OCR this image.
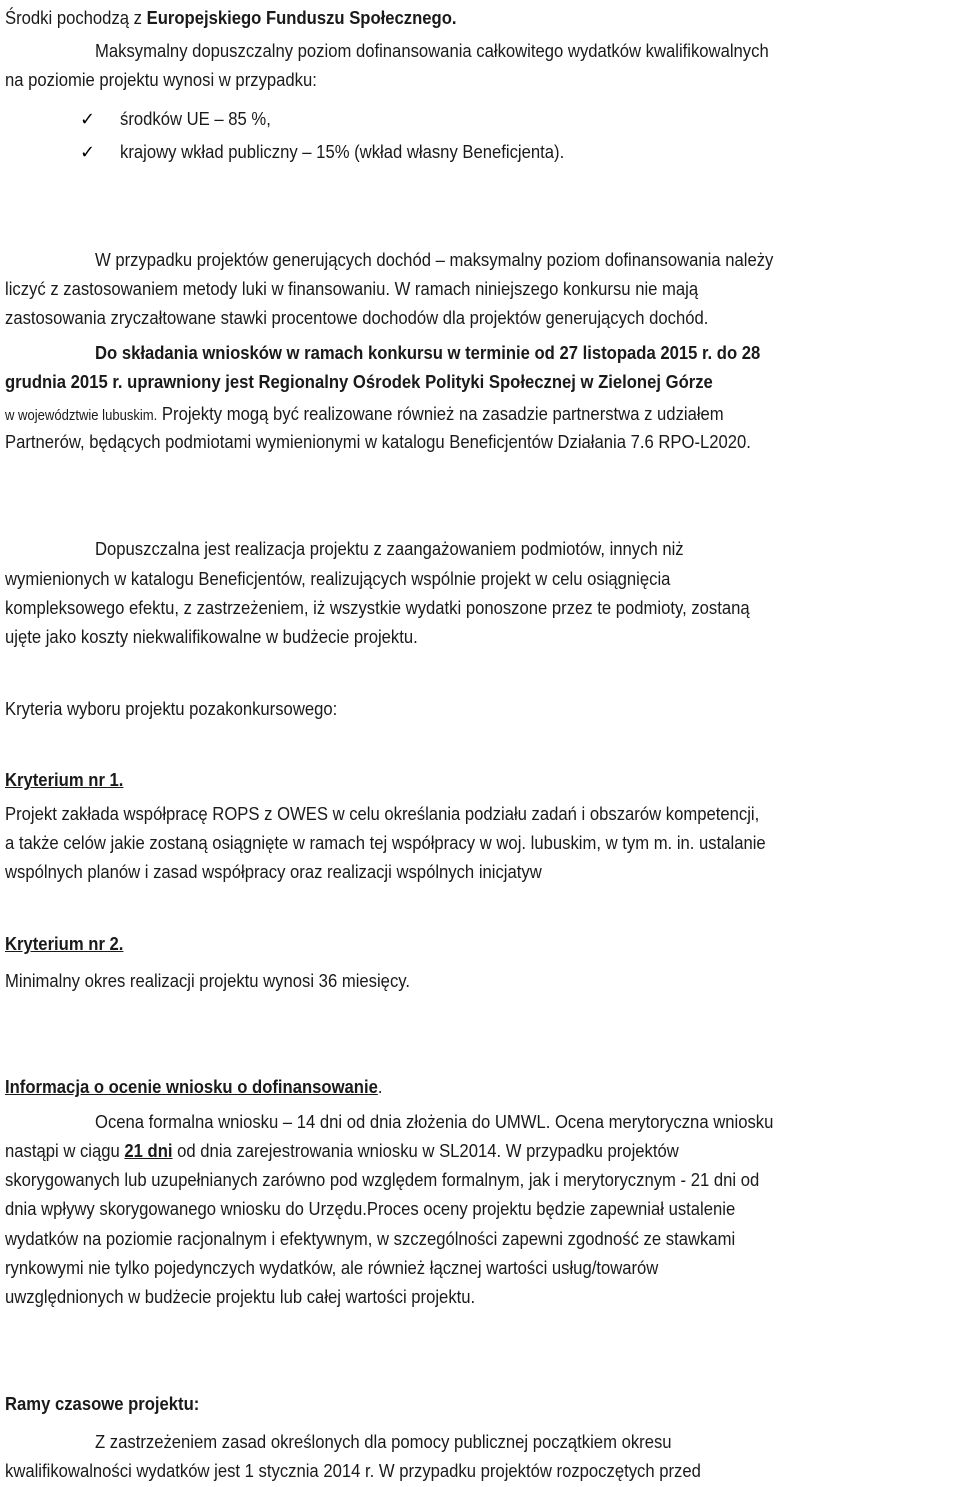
Środki pochodzą z Europejskiego Funduszu Społecznego.
Maksymalny dopuszczalny poziom dofinansowania całkowitego wydatków kwalifikowalnych
na poziomie projektu wynosi w przypadku:
✓ środków UE – 85 %,
✓ krajowy wkład publiczny – 15% (wkład własny Beneficjenta).
W przypadku projektów generujących dochód – maksymalny poziom dofinansowania należy
liczyć z zastosowaniem metody luki w finansowaniu. W ramach niniejszego konkursu nie mają
zastosowania zryczałtowane stawki procentowe dochodów dla projektów generujących dochód.
Do składania wniosków w ramach konkursu w terminie od 27 listopada 2015 r. do 28
grudnia 2015 r. uprawniony jest Regionalny Ośrodek Polityki Społecznej w Zielonej Górze
w województwie lubuskim. Projekty mogą być realizowane również na zasadzie partnerstwa z udziałem
Partnerów, będących podmiotami wymienionymi w katalogu Beneficjentów Działania 7.6 RPO-L2020.
Dopuszczalna jest realizacja projektu z zaangażowaniem podmiotów, innych niż
wymienionych w katalogu Beneficjentów, realizujących wspólnie projekt w celu osiągnięcia
kompleksowego efektu, z zastrzeżeniem, iż wszystkie wydatki ponoszone przez te podmioty, zostaną
ujęte jako koszty niekwalifikowalne w budżecie projektu.
Kryteria wyboru projektu pozakonkursowego:
Kryterium nr 1.
Projekt zakłada współpracę ROPS z OWES w celu określania podziału zadań i obszarów kompetencji,
a także celów jakie zostaną osiągnięte w ramach tej współpracy w woj. lubuskim, w tym m. in. ustalanie
wspólnych planów i zasad współpracy oraz realizacji wspólnych inicjatyw
Kryterium nr 2.
Minimalny okres realizacji projektu wynosi 36 miesięcy.
Informacja o ocenie wniosku o dofinansowanie.
Ocena formalna wniosku – 14 dni od dnia złożenia do UMWL. Ocena merytoryczna wniosku
nastąpi w ciągu 21 dni od dnia zarejestrowania wniosku w SL2014. W przypadku projektów
skorygowanych lub uzupełnianych zarówno pod względem formalnym, jak i merytorycznym - 21 dni od
dnia wpływy skorygowanego wniosku do Urzędu.Proces oceny projektu będzie zapewniał ustalenie
wydatków na poziomie racjonalnym i efektywnym, w szczególności zapewni zgodność ze stawkami
rynkowymi nie tylko pojedynczych wydatków, ale również łącznej wartości usług/towarów
uwzględnionych w budżecie projektu lub całej wartości projektu.
Ramy czasowe projektu:
Z zastrzeżeniem zasad określonych dla pomocy publicznej początkiem okresu
kwalifikowalności wydatków jest 1 stycznia 2014 r. W przypadku projektów rozpoczętych przed
